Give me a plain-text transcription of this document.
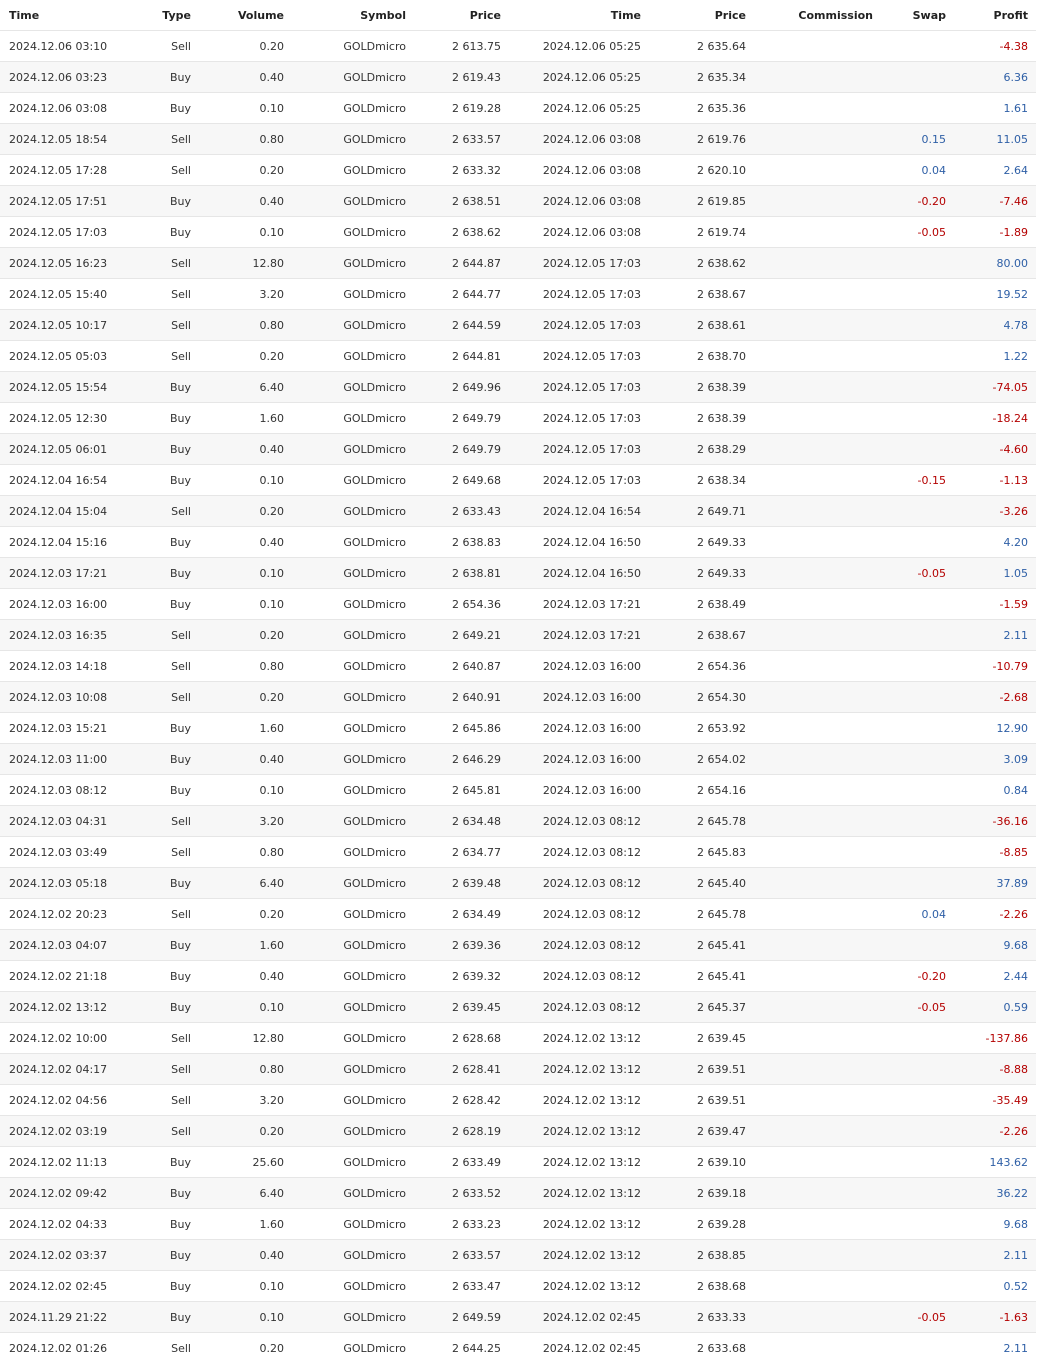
Time	Type	Volume	Symbol	Price	Time	Price	Commission	Swap	Profit
2024.12.06 03:10	Sell	0.20	GOLDmicro	2 613.75	2024.12.06 05:25	2 635.64			-4.38
2024.12.06 03:23	Buy	0.40	GOLDmicro	2 619.43	2024.12.06 05:25	2 635.34			6.36
2024.12.06 03:08	Buy	0.10	GOLDmicro	2 619.28	2024.12.06 05:25	2 635.36			1.61
2024.12.05 18:54	Sell	0.80	GOLDmicro	2 633.57	2024.12.06 03:08	2 619.76		0.15	11.05
2024.12.05 17:28	Sell	0.20	GOLDmicro	2 633.32	2024.12.06 03:08	2 620.10		0.04	2.64
2024.12.05 17:51	Buy	0.40	GOLDmicro	2 638.51	2024.12.06 03:08	2 619.85		-0.20	-7.46
2024.12.05 17:03	Buy	0.10	GOLDmicro	2 638.62	2024.12.06 03:08	2 619.74		-0.05	-1.89
2024.12.05 16:23	Sell	12.80	GOLDmicro	2 644.87	2024.12.05 17:03	2 638.62			80.00
2024.12.05 15:40	Sell	3.20	GOLDmicro	2 644.77	2024.12.05 17:03	2 638.67			19.52
2024.12.05 10:17	Sell	0.80	GOLDmicro	2 644.59	2024.12.05 17:03	2 638.61			4.78
2024.12.05 05:03	Sell	0.20	GOLDmicro	2 644.81	2024.12.05 17:03	2 638.70			1.22
2024.12.05 15:54	Buy	6.40	GOLDmicro	2 649.96	2024.12.05 17:03	2 638.39			-74.05
2024.12.05 12:30	Buy	1.60	GOLDmicro	2 649.79	2024.12.05 17:03	2 638.39			-18.24
2024.12.05 06:01	Buy	0.40	GOLDmicro	2 649.79	2024.12.05 17:03	2 638.29			-4.60
2024.12.04 16:54	Buy	0.10	GOLDmicro	2 649.68	2024.12.05 17:03	2 638.34		-0.15	-1.13
2024.12.04 15:04	Sell	0.20	GOLDmicro	2 633.43	2024.12.04 16:54	2 649.71			-3.26
2024.12.04 15:16	Buy	0.40	GOLDmicro	2 638.83	2024.12.04 16:50	2 649.33			4.20
2024.12.03 17:21	Buy	0.10	GOLDmicro	2 638.81	2024.12.04 16:50	2 649.33		-0.05	1.05
2024.12.03 16:00	Buy	0.10	GOLDmicro	2 654.36	2024.12.03 17:21	2 638.49			-1.59
2024.12.03 16:35	Sell	0.20	GOLDmicro	2 649.21	2024.12.03 17:21	2 638.67			2.11
2024.12.03 14:18	Sell	0.80	GOLDmicro	2 640.87	2024.12.03 16:00	2 654.36			-10.79
2024.12.03 10:08	Sell	0.20	GOLDmicro	2 640.91	2024.12.03 16:00	2 654.30			-2.68
2024.12.03 15:21	Buy	1.60	GOLDmicro	2 645.86	2024.12.03 16:00	2 653.92			12.90
2024.12.03 11:00	Buy	0.40	GOLDmicro	2 646.29	2024.12.03 16:00	2 654.02			3.09
2024.12.03 08:12	Buy	0.10	GOLDmicro	2 645.81	2024.12.03 16:00	2 654.16			0.84
2024.12.03 04:31	Sell	3.20	GOLDmicro	2 634.48	2024.12.03 08:12	2 645.78			-36.16
2024.12.03 03:49	Sell	0.80	GOLDmicro	2 634.77	2024.12.03 08:12	2 645.83			-8.85
2024.12.03 05:18	Buy	6.40	GOLDmicro	2 639.48	2024.12.03 08:12	2 645.40			37.89
2024.12.02 20:23	Sell	0.20	GOLDmicro	2 634.49	2024.12.03 08:12	2 645.78		0.04	-2.26
2024.12.03 04:07	Buy	1.60	GOLDmicro	2 639.36	2024.12.03 08:12	2 645.41			9.68
2024.12.02 21:18	Buy	0.40	GOLDmicro	2 639.32	2024.12.03 08:12	2 645.41		-0.20	2.44
2024.12.02 13:12	Buy	0.10	GOLDmicro	2 639.45	2024.12.03 08:12	2 645.37		-0.05	0.59
2024.12.02 10:00	Sell	12.80	GOLDmicro	2 628.68	2024.12.02 13:12	2 639.45			-137.86
2024.12.02 04:17	Sell	0.80	GOLDmicro	2 628.41	2024.12.02 13:12	2 639.51			-8.88
2024.12.02 04:56	Sell	3.20	GOLDmicro	2 628.42	2024.12.02 13:12	2 639.51			-35.49
2024.12.02 03:19	Sell	0.20	GOLDmicro	2 628.19	2024.12.02 13:12	2 639.47			-2.26
2024.12.02 11:13	Buy	25.60	GOLDmicro	2 633.49	2024.12.02 13:12	2 639.10			143.62
2024.12.02 09:42	Buy	6.40	GOLDmicro	2 633.52	2024.12.02 13:12	2 639.18			36.22
2024.12.02 04:33	Buy	1.60	GOLDmicro	2 633.23	2024.12.02 13:12	2 639.28			9.68
2024.12.02 03:37	Buy	0.40	GOLDmicro	2 633.57	2024.12.02 13:12	2 638.85			2.11
2024.12.02 02:45	Buy	0.10	GOLDmicro	2 633.47	2024.12.02 13:12	2 638.68			0.52
2024.11.29 21:22	Buy	0.10	GOLDmicro	2 649.59	2024.12.02 02:45	2 633.33		-0.05	-1.63
2024.12.02 01:26	Sell	0.20	GOLDmicro	2 644.25	2024.12.02 02:45	2 633.68			2.11
